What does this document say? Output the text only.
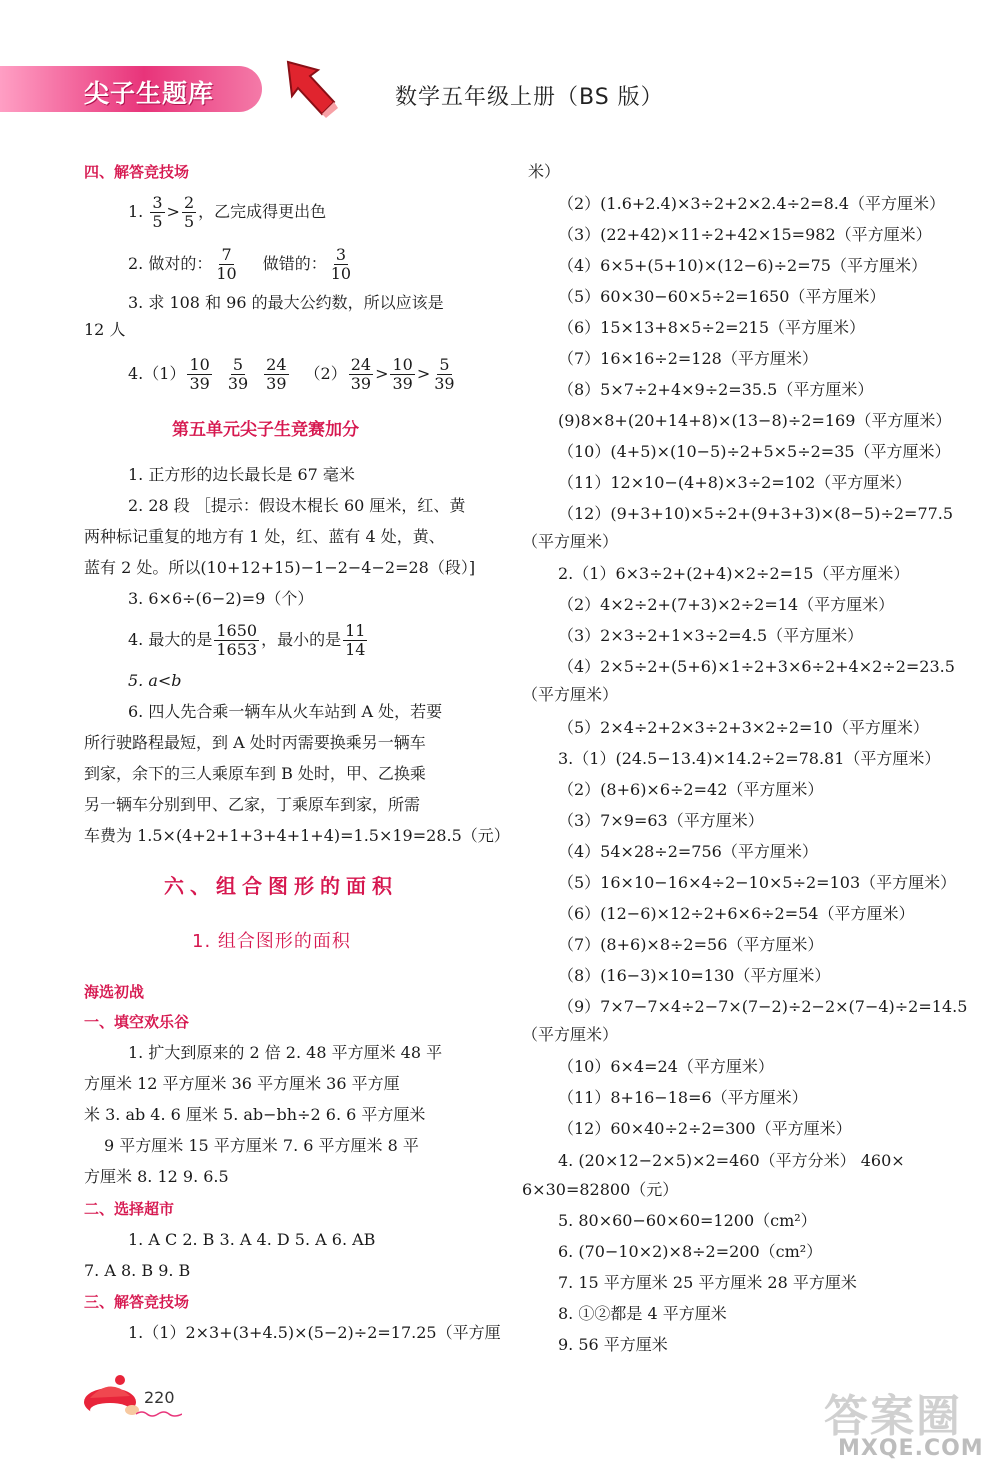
尖子生题库	数学五年级上册（BS 版）
四、解答竞技场
1. $\frac{3}{5} > \frac{2}{5}$ ，乙完成得更出色
2. 做对的： $\frac{7}{10}$ 做错的： $\frac{3}{10}$
3. 求 108 和 96 的最大公约数，所以应该是
12 人
$4.(1) \frac{10}{39} \frac{5}{39} \frac{24}{39} (2) \frac{24}{39} > \frac{10}{39} > \frac{5}{39}$
第五单元尖子生竞赛加分
1. 正方形的边长最长是 67 毫米
2. 28 段 ［提示：假设木棍长 60 厘米，红、黄
两种标记重复的地方有 1 处，红、蓝有 4 处，黄、
蓝有 2 处。所以(10+12+15)−1−2−4−2=28（段）]
3. 6×6÷(6−2)=9（个）
4. 最大的是 $\frac{1650}{1653}$ ，最小的是 $\frac{11}{14}$
5. a<b
6. 四人先合乘一辆车从火车站到 A 处，若要
所行驶路程最短，到 A 处时丙需要换乘另一辆车
到家，余下的三人乘原车到 B 处时，甲、乙换乘
另一辆车分别到甲、乙家，丁乘原车到家，所需
车费为 1.5×(4+2+1+3+4+1+4)=1.5×19=28.5（元）
六、组合图形的面积
1. 组合图形的面积
海选初战
一、填空欢乐谷
1. 扩大到原来的 2 倍 2. 48 平方厘米 48 平
方厘米 12 平方厘米 36 平方厘米 36 平方厘
米 3. ab 4. 6 厘米 5. ab−bh÷2 6. 6 平方厘米
9 平方厘米 15 平方厘米 7. 6 平方厘米 8 平
方厘米 8. 12 9. 6.5
二、选择超市
1. A C 2. B 3. A 4. D 5. A 6. AB
7. A 8. B 9. B
三、解答竞技场
1.（1）2×3+(3+4.5)×(5−2)÷2=17.25（平方厘
米）
（2）(1.6+2.4)×3÷2+2×2.4÷2=8.4（平方厘米）
（3）(22+42)×11÷2+42×15=982（平方厘米）
（4）6×5+(5+10)×(12−6)÷2=75（平方厘米）
（5）60×30−60×5÷2=1650（平方厘米）
（6）15×13+8×5÷2=215（平方厘米）
（7）16×16÷2=128（平方厘米）
（8）5×7÷2+4×9÷2=35.5（平方厘米）
(9)8×8+(20+14+8)×(13−8)÷2=169（平方厘米）
（10）(4+5)×(10−5)÷2+5×5÷2=35（平方厘米）
（11）12×10−(4+8)×3÷2=102（平方厘米）
（12）(9+3+10)×5÷2+(9+3+3)×(8−5)÷2=77.5
（平方厘米）
2.（1）6×3÷2+(2+4)×2÷2=15（平方厘米）
（2）4×2÷2+(7+3)×2÷2=14（平方厘米）
（3）2×3÷2+1×3÷2=4.5（平方厘米）
（4）2×5÷2+(5+6)×1÷2+3×6÷2+4×2÷2=23.5
（平方厘米）
（5）2×4÷2+2×3÷2+3×2÷2=10（平方厘米）
3.（1）(24.5−13.4)×14.2÷2=78.81（平方厘米）
（2）(8+6)×6÷2=42（平方厘米）
（3）7×9=63（平方厘米）
（4）54×28÷2=756（平方厘米）
（5）16×10−16×4÷2−10×5÷2=103（平方厘米）
（6）(12−6)×12÷2+6×6÷2=54（平方厘米）
（7）(8+6)×8÷2=56（平方厘米）
（8）(16−3)×10=130（平方厘米）
（9）7×7−7×4÷2−7×(7−2)÷2−2×(7−4)÷2=14.5
（平方厘米）
（10）6×4=24（平方厘米）
（11）8+16−18=6（平方厘米）
（12）60×40÷2÷2=300（平方厘米）
4. (20×12−2×5)×2=460（平方分米） 460×
6×30=82800（元）
5. 80×60−60×60=1200（cm²）
6. (70−10×2)×8÷2=200（cm²）
7. 15 平方厘米 25 平方厘米 28 平方厘米
8. ①②都是 4 平方厘米
9. 56 平方厘米
220	答案圈
MXQE.COM
